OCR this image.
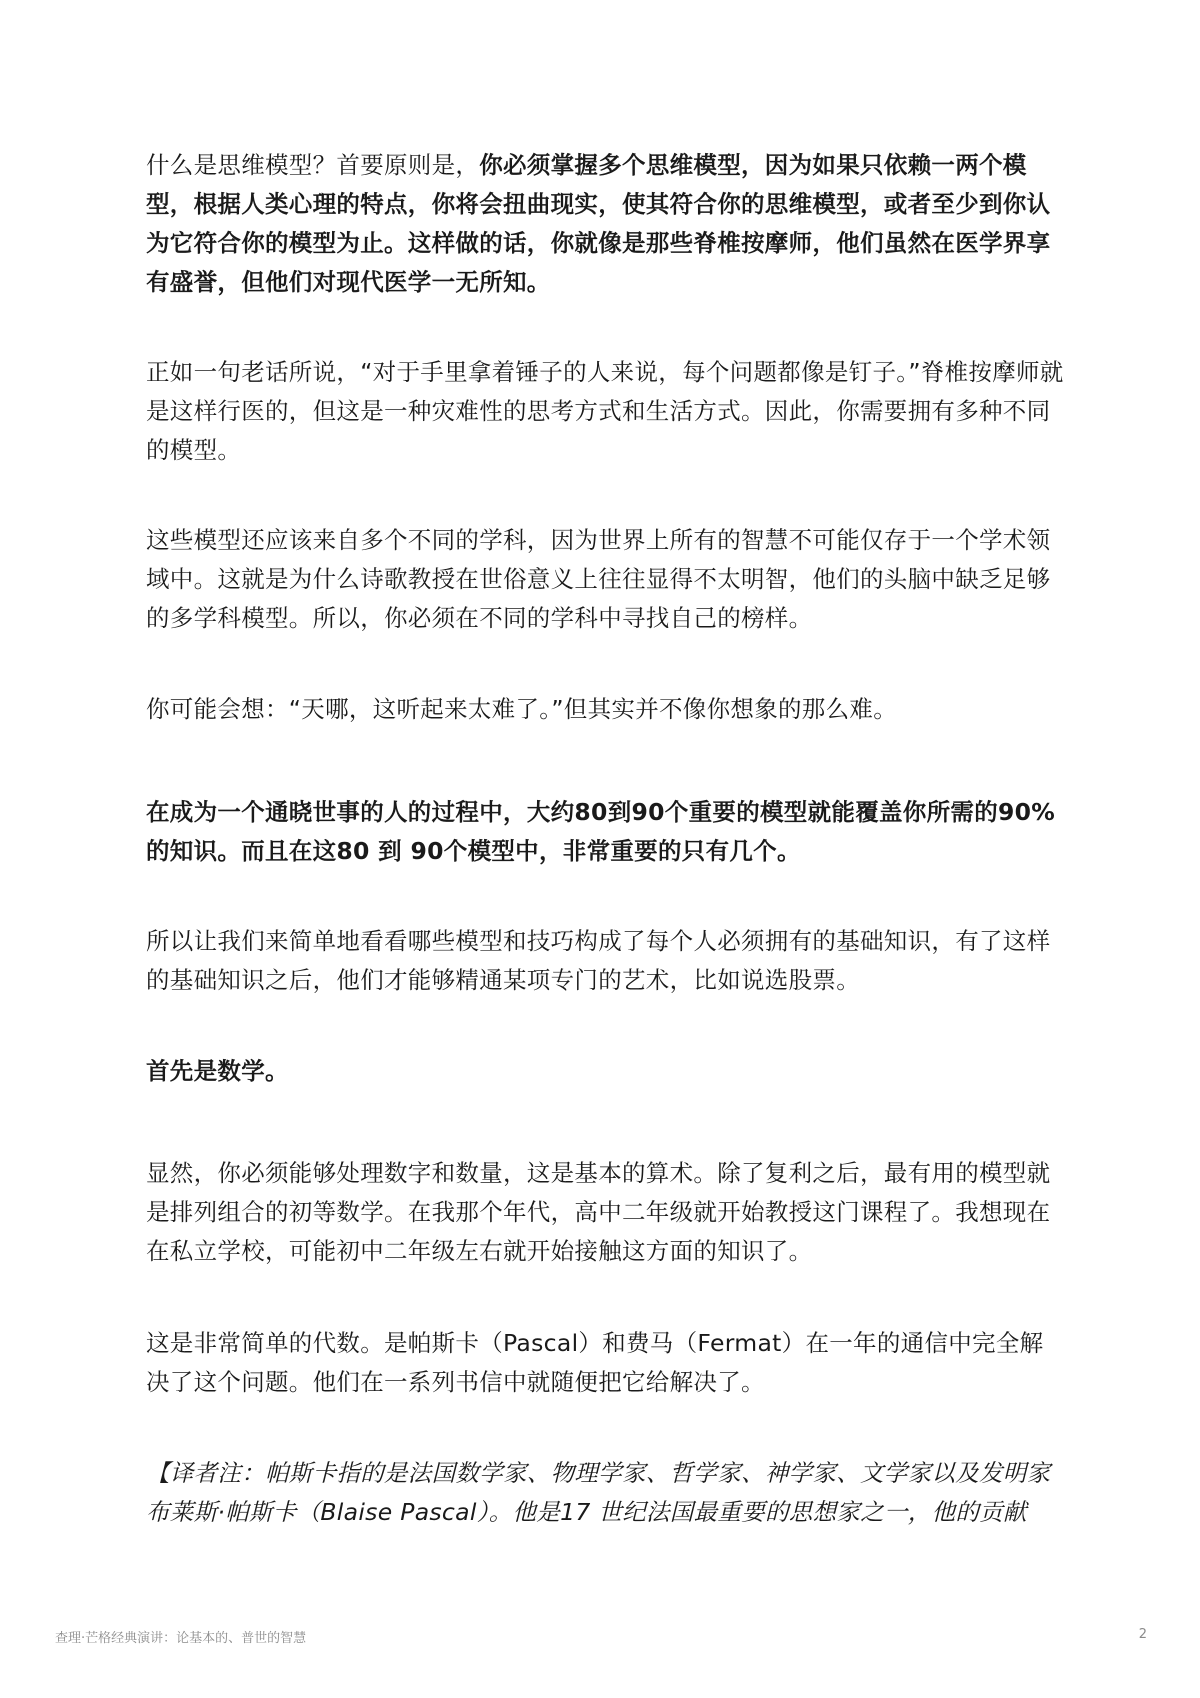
什么是思维模型？首要原则是，你必须掌握多个思维模型，因为如果只依赖一两个模型，根据人类心理的特点，你将会扭曲现实，使其符合你的思维模型，或者至少到你认为它符合你的模型为止。这样做的话，你就像是那些脊椎按摩师，他们虽然在医学界享有盛誉，但他们对现代医学一无所知。

正如一句老话所说，“对于手里拿着锤子的人来说，每个问题都像是钉子。”脊椎按摩师就是这样行医的，但这是一种灾难性的思考方式和生活方式。因此，你需要拥有多种不同的模型。

这些模型还应该来自多个不同的学科，因为世界上所有的智慧不可能仅存于一个学术领域中。这就是为什么诗歌教授在世俗意义上往往显得不太明智，他们的头脑中缺乏足够的多学科模型。所以，你必须在不同的学科中寻找自己的榜样。

你可能会想：“天哪，这听起来太难了。”但其实并不像你想象的那么难。

在成为一个通晓世事的人的过程中，大约80到90个重要的模型就能覆盖你所需的90%的知识。而且在这80 到 90个模型中，非常重要的只有几个。

所以让我们来简单地看看哪些模型和技巧构成了每个人必须拥有的基础知识，有了这样的基础知识之后，他们才能够精通某项专门的艺术，比如说选股票。

首先是数学。

显然，你必须能够处理数字和数量，这是基本的算术。除了复利之后，最有用的模型就是排列组合的初等数学。在我那个年代，高中二年级就开始教授这门课程了。我想现在在私立学校，可能初中二年级左右就开始接触这方面的知识了。

这是非常简单的代数。是帕斯卡（Pascal）和费马（Fermat）在一年的通信中完全解决了这个问题。他们在一系列书信中就随便把它给解决了。

【译者注：帕斯卡指的是法国数学家、物理学家、哲学家、神学家、文学家以及发明家布莱斯·帕斯卡（Blaise Pascal）。他是17 世纪法国最重要的思想家之一，他的贡献

查理·芒格经典演讲：论基本的、普世的智慧	2
